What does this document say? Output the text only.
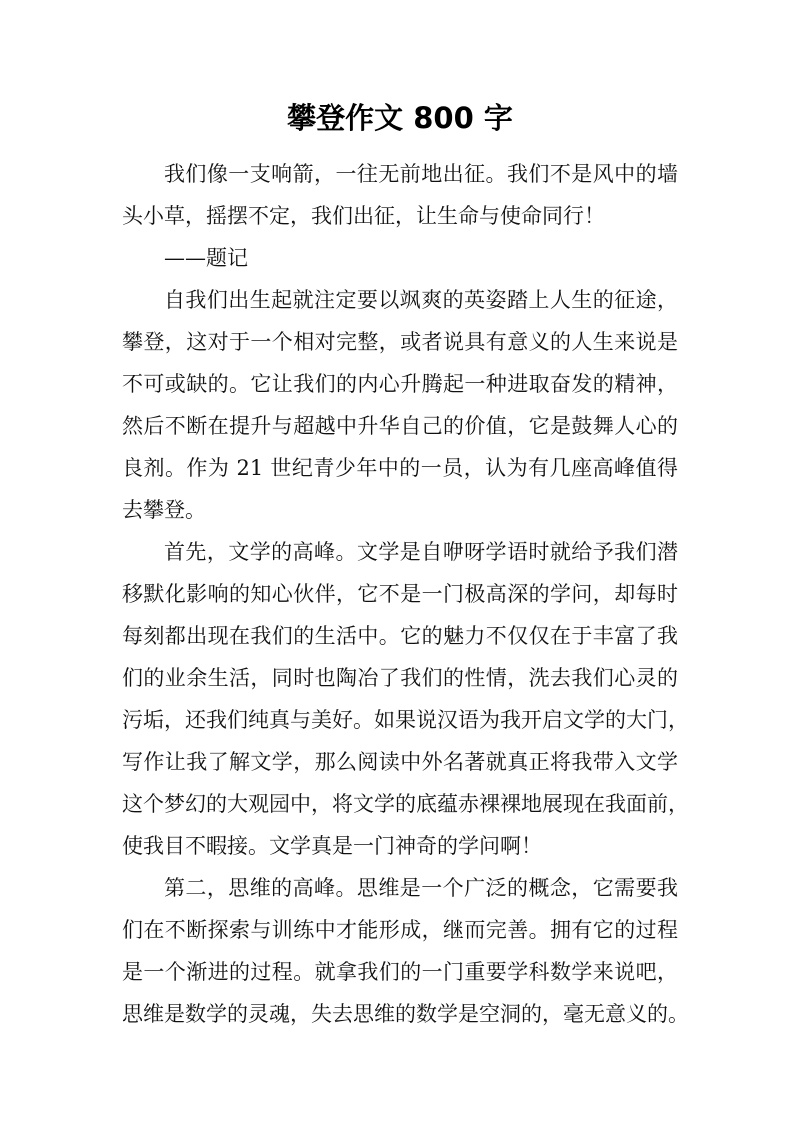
攀登作文 800 字
我们像一支响箭，一往无前地出征。我们不是风中的墙
头小草，摇摆不定，我们出征，让生命与使命同行！
——题记
自我们出生起就注定要以飒爽的英姿踏上人生的征途，
攀登，这对于一个相对完整，或者说具有意义的人生来说是
不可或缺的。它让我们的内心升腾起一种进取奋发的精神，
然后不断在提升与超越中升华自己的价值，它是鼓舞人心的
良剂。作为 21 世纪青少年中的一员，认为有几座高峰值得
去攀登。
首先，文学的高峰。文学是自咿呀学语时就给予我们潜
移默化影响的知心伙伴，它不是一门极高深的学问，却每时
每刻都出现在我们的生活中。它的魅力不仅仅在于丰富了我
们的业余生活，同时也陶冶了我们的性情，洗去我们心灵的
污垢，还我们纯真与美好。如果说汉语为我开启文学的大门，
写作让我了解文学，那么阅读中外名著就真正将我带入文学
这个梦幻的大观园中，将文学的底蕴赤裸裸地展现在我面前，
使我目不暇接。文学真是一门神奇的学问啊！
第二，思维的高峰。思维是一个广泛的概念，它需要我
们在不断探索与训练中才能形成，继而完善。拥有它的过程
是一个渐进的过程。就拿我们的一门重要学科数学来说吧，
思维是数学的灵魂，失去思维的数学是空洞的，毫无意义的。
